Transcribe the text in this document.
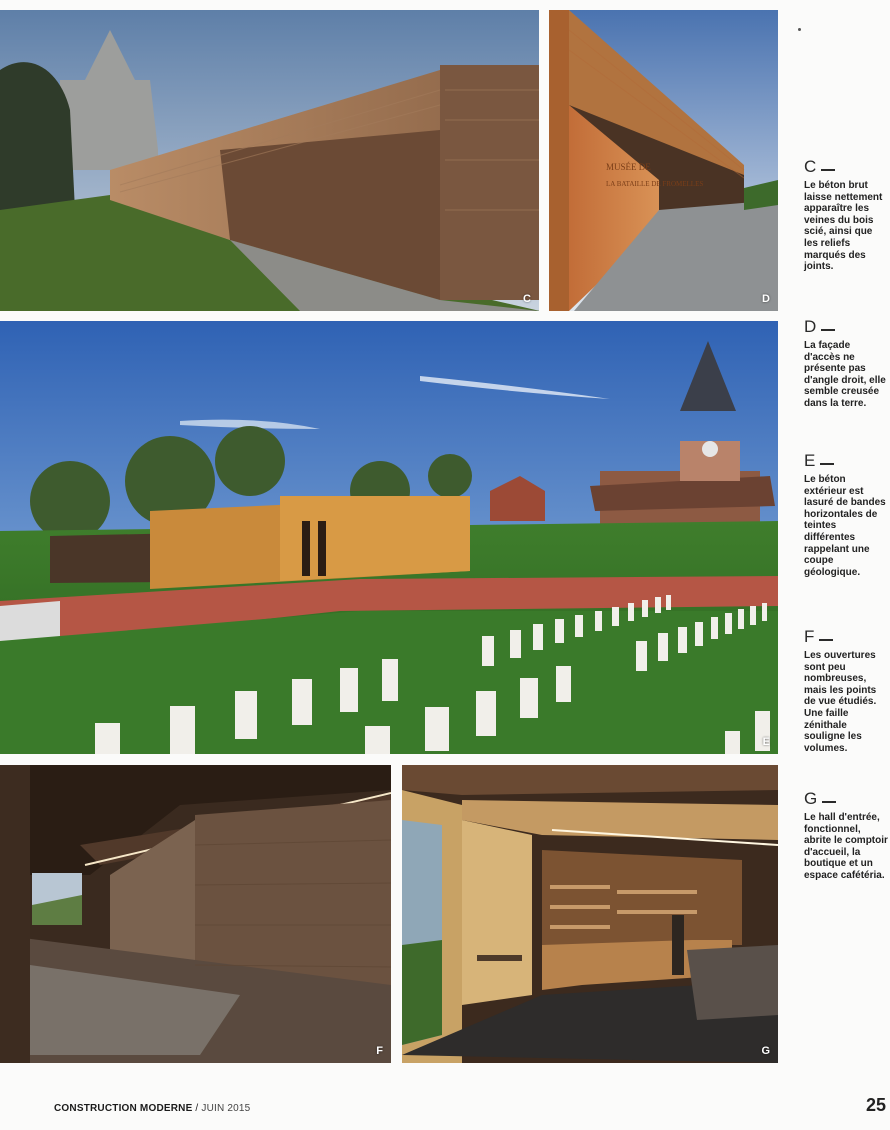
C
MUSÉE DE
LA BATAILLE DE FROMELLES
D
E
F	G
C
Le béton brut laisse nettement apparaître les veines du bois scié, ainsi que les reliefs marqués des joints.
D
La façade d'accès ne présente pas d'angle droit, elle semble creusée dans la terre.
E
Le béton extérieur est lasuré de bandes horizontales de teintes différentes rappelant une coupe géologique.
F
Les ouvertures sont peu nombreuses, mais les points de vue étudiés. Une faille zénithale souligne les volumes.
G
Le hall d'entrée, fonctionnel, abrite le comptoir d'accueil, la boutique et un espace cafétéria.
CONSTRUCTION MODERNE / JUIN 2015	25
